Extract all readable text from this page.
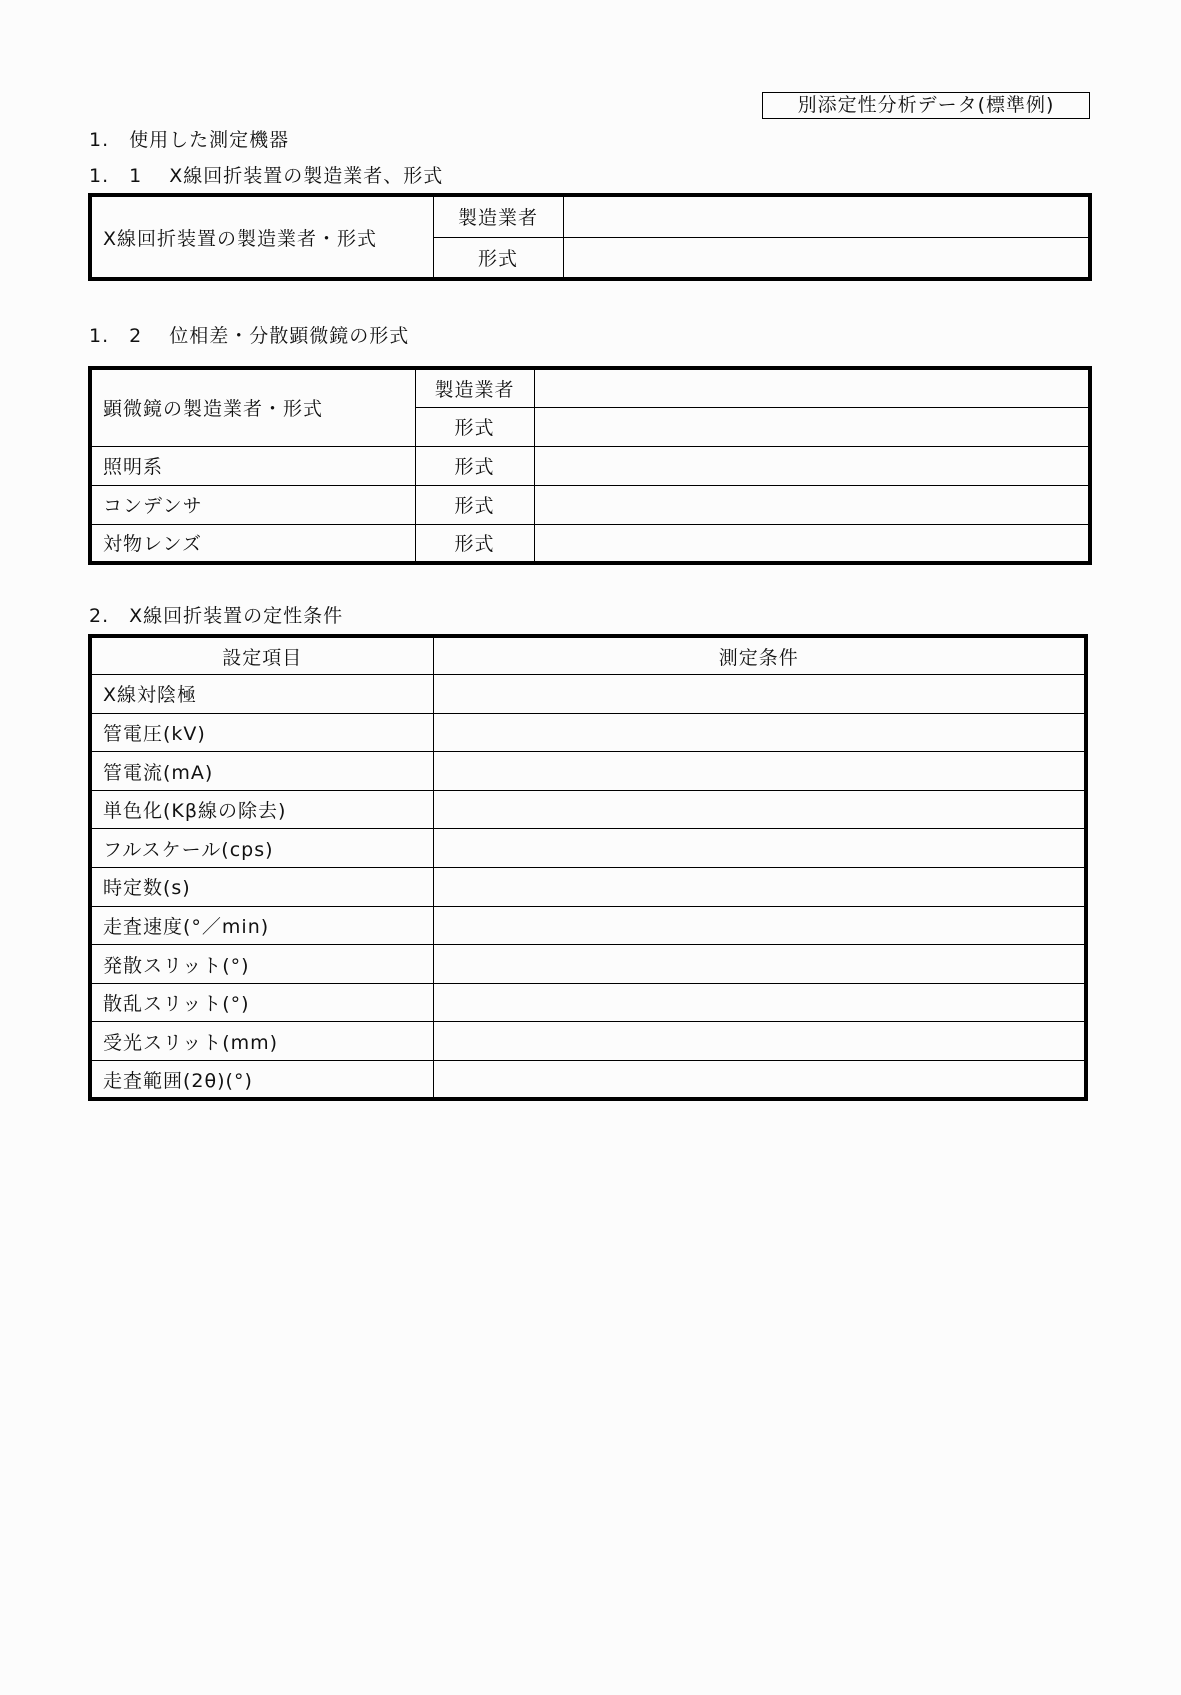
別添定性分析データ(標準例)
1.　使用した測定機器
1.　1　 X線回折装置の製造業者、形式
X線回折装置の製造業者・形式	製造業者	
	形式	
1.　2　 位相差・分散顕微鏡の形式
顕微鏡の製造業者・形式	製造業者	
	形式	
照明系	形式	
コンデンサ	形式	
対物レンズ	形式	
2.　X線回折装置の定性条件
設定項目	測定条件
X線対陰極	
管電圧(kV)	
管電流(mA)	
単色化(Kβ線の除去)	
フルスケール(cps)	
時定数(s)	
走査速度(°／min)	
発散スリット(°)	
散乱スリット(°)	
受光スリット(mm)	
走査範囲(2θ)(°)	
